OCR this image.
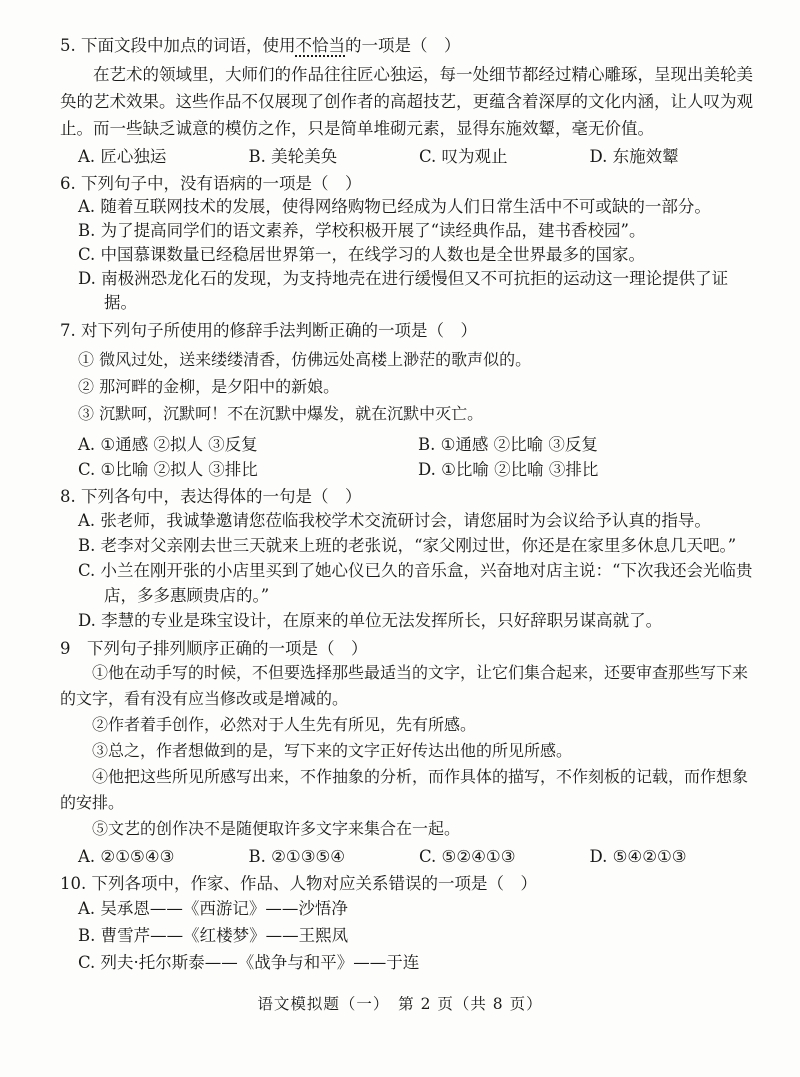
5. 下面文段中加点的词语，使用不恰当的一项是（　）

在艺术的领域里，大师们的作品往往匠心独运，每一处细节都经过精心雕琢，呈现出美轮美奂的艺术效果。这些作品不仅展现了创作者的高超技艺，更蕴含着深厚的文化内涵，让人叹为观止。而一些缺乏诚意的模仿之作，只是简单堆砌元素，显得东施效颦，毫无价值。

A. 匠心独运	B. 美轮美奂	C. 叹为观止	D. 东施效颦

6. 下列句子中，没有语病的一项是（　）

A. 随着互联网技术的发展，使得网络购物已经成为人们日常生活中不可或缺的一部分。

B. 为了提高同学们的语文素养，学校积极开展了“读经典作品，建书香校园”。

C. 中国慕课数量已经稳居世界第一，在线学习的人数也是全世界最多的国家。

D. 南极洲恐龙化石的发现，为支持地壳在进行缓慢但又不可抗拒的运动这一理论提供了证据。

7. 对下列句子所使用的修辞手法判断正确的一项是（　）

① 微风过处，送来缕缕清香，仿佛远处高楼上渺茫的歌声似的。

② 那河畔的金柳，是夕阳中的新娘。

③ 沉默呵，沉默呵！不在沉默中爆发，就在沉默中灭亡。

A. ①通感 ②拟人 ③反复	B. ①通感 ②比喻 ③反复
C. ①比喻 ②拟人 ③排比	D. ①比喻 ②比喻 ③排比

8. 下列各句中，表达得体的一句是（　）

A. 张老师，我诚挚邀请您莅临我校学术交流研讨会，请您届时为会议给予认真的指导。

B. 老李对父亲刚去世三天就来上班的老张说，“家父刚过世，你还是在家里多休息几天吧。”

C. 小兰在刚开张的小店里买到了她心仪已久的音乐盒，兴奋地对店主说：“下次我还会光临贵店，多多惠顾贵店的。”

D. 李慧的专业是珠宝设计，在原来的单位无法发挥所长，只好辞职另谋高就了。

9　下列句子排列顺序正确的一项是（　）

①他在动手写的时候，不但要选择那些最适当的文字，让它们集合起来，还要审查那些写下来的文字，看有没有应当修改或是增减的。

②作者着手创作，必然对于人生先有所见，先有所感。

③总之，作者想做到的是，写下来的文字正好传达出他的所见所感。

④他把这些所见所感写出来，不作抽象的分析，而作具体的描写，不作刻板的记载，而作想象的安排。

⑤文艺的创作决不是随便取许多文字来集合在一起。

A. ②①⑤④③	B. ②①③⑤④	C. ⑤②④①③	D. ⑤④②①③

10. 下列各项中，作家、作品、人物对应关系错误的一项是（　）

A. 吴承恩——《西游记》——沙悟净

B. 曹雪芹——《红楼梦》——王熙凤

C. 列夫·托尔斯泰——《战争与和平》——于连

语文模拟题（一）　第 2 页（共 8 页）
